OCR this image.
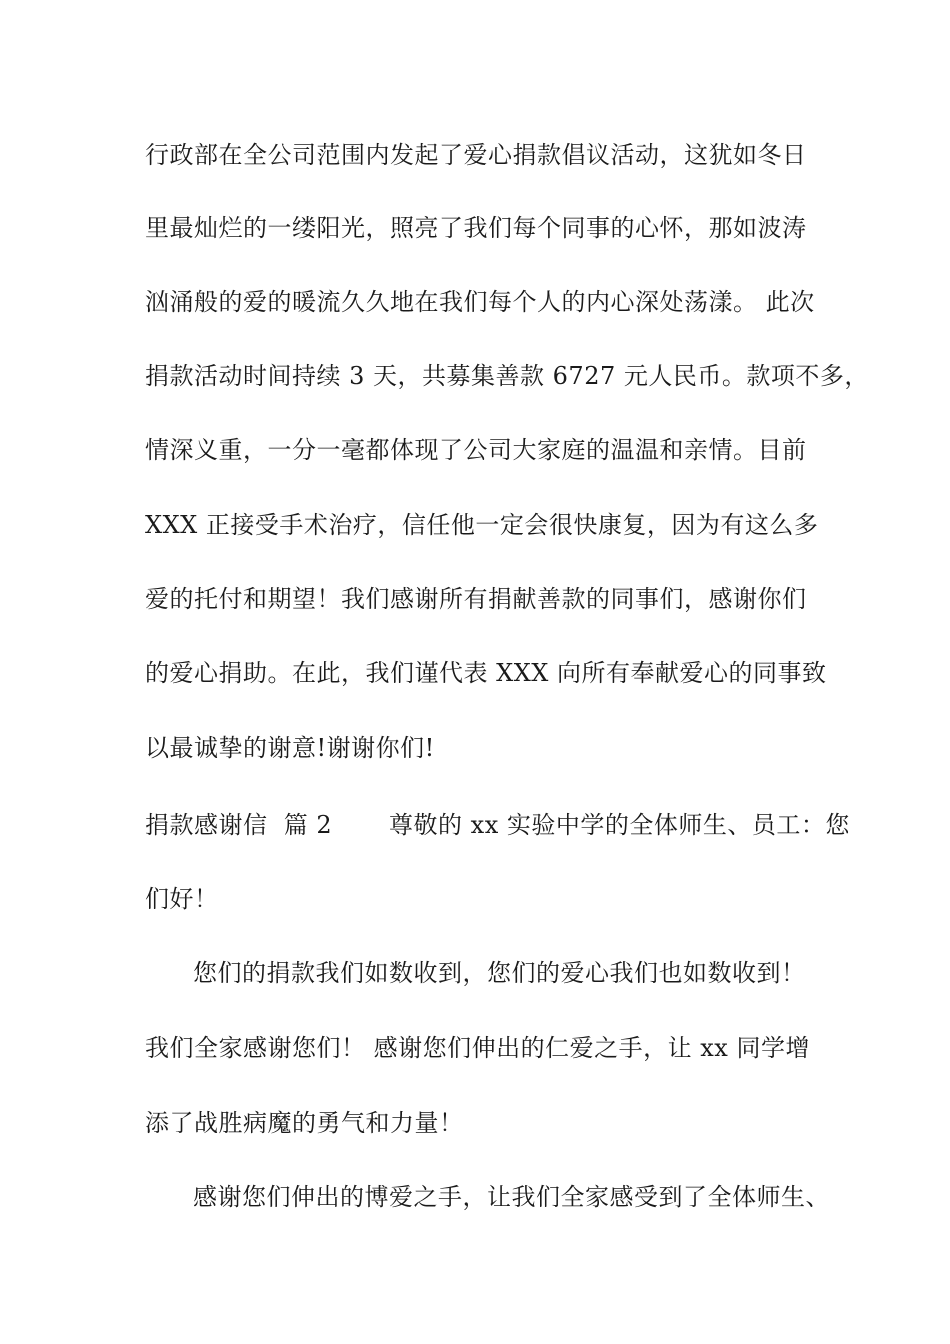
行政部在全公司范围内发起了爱心捐款倡议活动，这犹如冬日
里最灿烂的一缕阳光，照亮了我们每个同事的心怀，那如波涛
汹涌般的爱的暖流久久地在我们每个人的内心深处荡漾。 此次
捐款活动时间持续 3 天，共募集善款 6727 元人民币。款项不多，
情深义重，一分一毫都体现了公司大家庭的温温和亲情。目前
XXX 正接受手术治疗，信任他一定会很快康复，因为有这么多
爱的托付和期望！我们感谢所有捐献善款的同事们，感谢你们
的爱心捐助。在此，我们谨代表 XXX 向所有奉献爱心的同事致
以最诚挚的谢意!谢谢你们!
捐款感谢信  篇 2       尊敬的 xx 实验中学的全体师生、员工：您
们好！
您们的捐款我们如数收到，您们的爱心我们也如数收到！
我们全家感谢您们！ 感谢您们伸出的仁爱之手，让 xx 同学增
添了战胜病魔的勇气和力量！
感谢您们伸出的博爱之手，让我们全家感受到了全体师生、
